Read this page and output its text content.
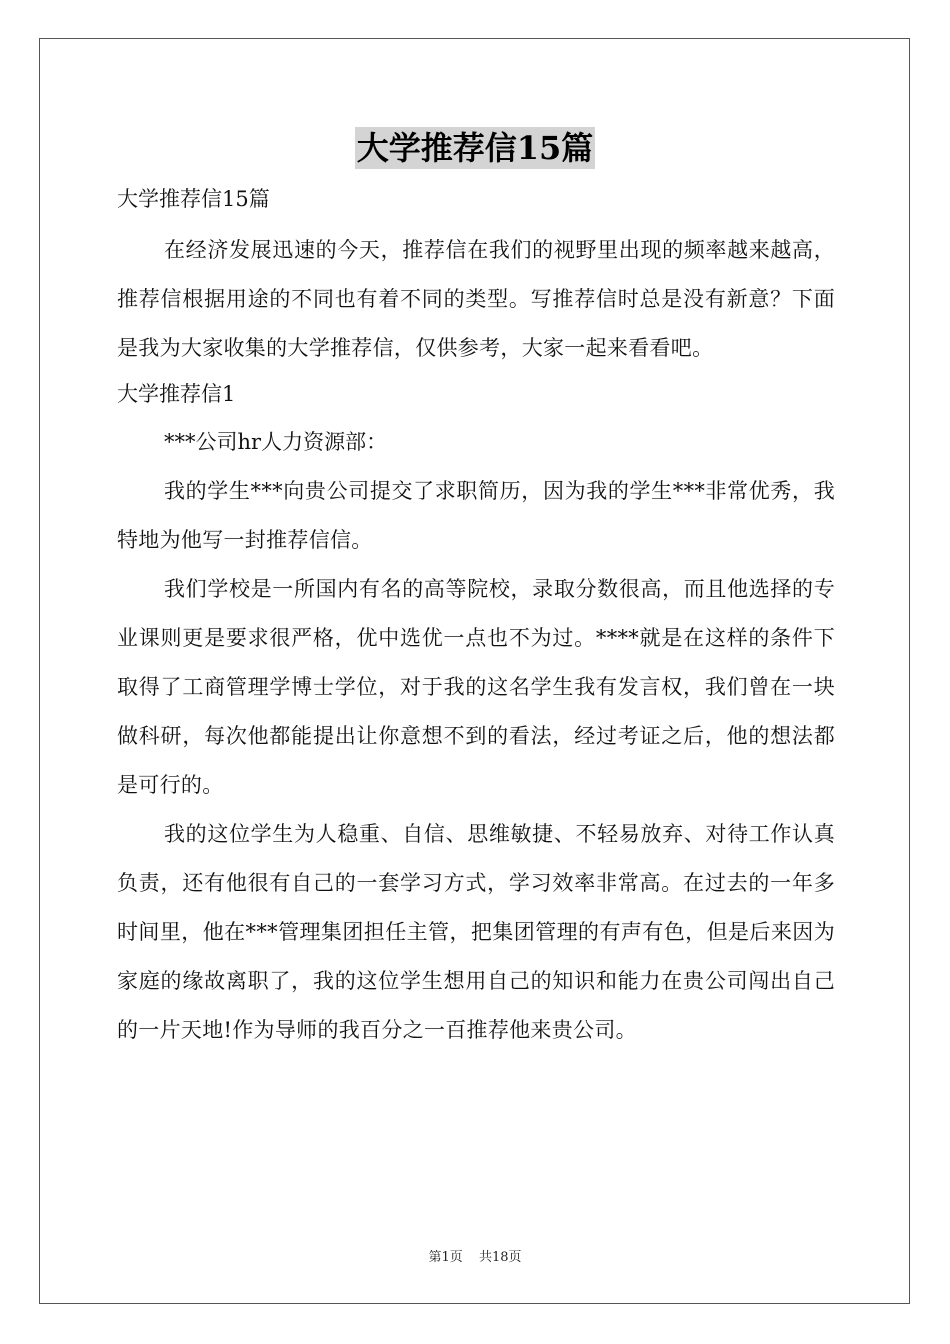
大学推荐信15篇
大学推荐信15篇

在经济发展迅速的今天，推荐信在我们的视野里出现的频率越来越高，推荐信根据用途的不同也有着不同的类型。写推荐信时总是没有新意？下面是我为大家收集的大学推荐信，仅供参考，大家一起来看看吧。

大学推荐信1

***公司hr人力资源部：

我的学生***向贵公司提交了求职简历，因为我的学生***非常优秀，我特地为他写一封推荐信信。

我们学校是一所国内有名的高等院校，录取分数很高，而且他选择的专业课则更是要求很严格，优中选优一点也不为过。****就是在这样的条件下取得了工商管理学博士学位，对于我的这名学生我有发言权，我们曾在一块做科研，每次他都能提出让你意想不到的看法，经过考证之后，他的想法都是可行的。

我的这位学生为人稳重、自信、思维敏捷、不轻易放弃、对待工作认真负责，还有他很有自己的一套学习方式，学习效率非常高。在过去的一年多时间里，他在***管理集团担任主管，把集团管理的有声有色，但是后来因为家庭的缘故离职了，我的这位学生想用自己的知识和能力在贵公司闯出自己的一片天地!作为导师的我百分之一百推荐他来贵公司。

第1页 共18页
